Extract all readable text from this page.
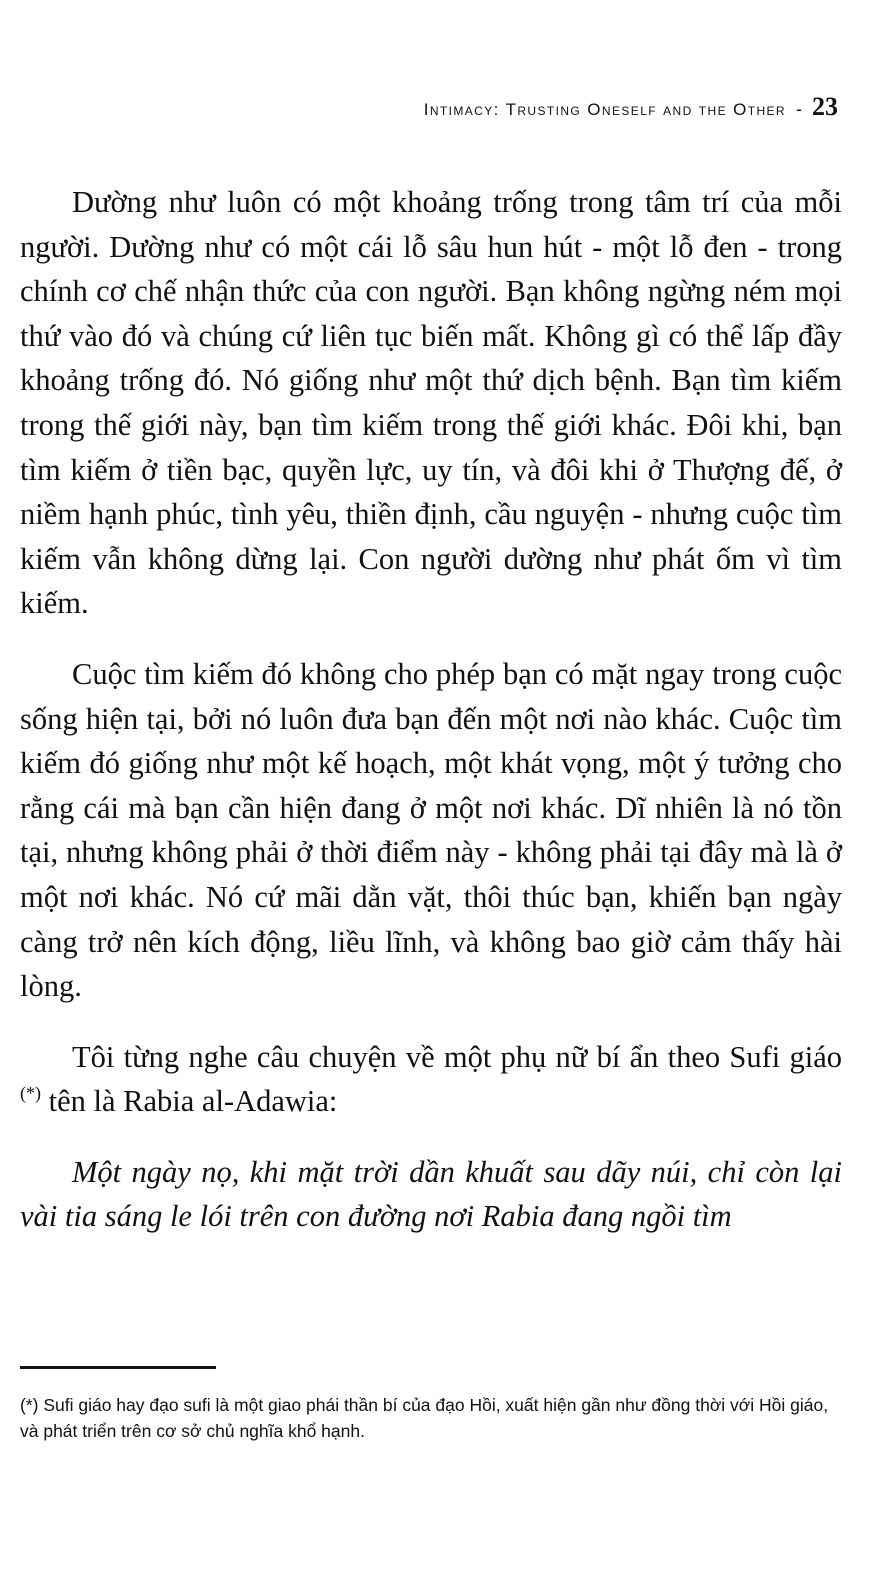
Intimacy: Trusting Oneself and the Other - 23

Dường như luôn có một khoảng trống trong tâm trí của mỗi người. Dường như có một cái lỗ sâu hun hút - một lỗ đen - trong chính cơ chế nhận thức của con người. Bạn không ngừng ném mọi thứ vào đó và chúng cứ liên tục biến mất. Không gì có thể lấp đầy khoảng trống đó. Nó giống như một thứ dịch bệnh. Bạn tìm kiếm trong thế giới này, bạn tìm kiếm trong thế giới khác. Đôi khi, bạn tìm kiếm ở tiền bạc, quyền lực, uy tín, và đôi khi ở Thượng đế, ở niềm hạnh phúc, tình yêu, thiền định, cầu nguyện - nhưng cuộc tìm kiếm vẫn không dừng lại. Con người dường như phát ốm vì tìm kiếm.

Cuộc tìm kiếm đó không cho phép bạn có mặt ngay trong cuộc sống hiện tại, bởi nó luôn đưa bạn đến một nơi nào khác. Cuộc tìm kiếm đó giống như một kế hoạch, một khát vọng, một ý tưởng cho rằng cái mà bạn cần hiện đang ở một nơi khác. Dĩ nhiên là nó tồn tại, nhưng không phải ở thời điểm này - không phải tại đây mà là ở một nơi khác. Nó cứ mãi dằn vặt, thôi thúc bạn, khiến bạn ngày càng trở nên kích động, liều lĩnh, và không bao giờ cảm thấy hài lòng.

Tôi từng nghe câu chuyện về một phụ nữ bí ẩn theo Sufi giáo (*) tên là Rabia al-Adawia:

Một ngày nọ, khi mặt trời dần khuất sau dãy núi, chỉ còn lại vài tia sáng le lói trên con đường nơi Rabia đang ngồi tìm

(*) Sufi giáo hay đạo sufi là một giao phái thần bí của đạo Hồi, xuất hiện gần như đồng thời với Hồi giáo, và phát triển trên cơ sở chủ nghĩa khổ hạnh.
